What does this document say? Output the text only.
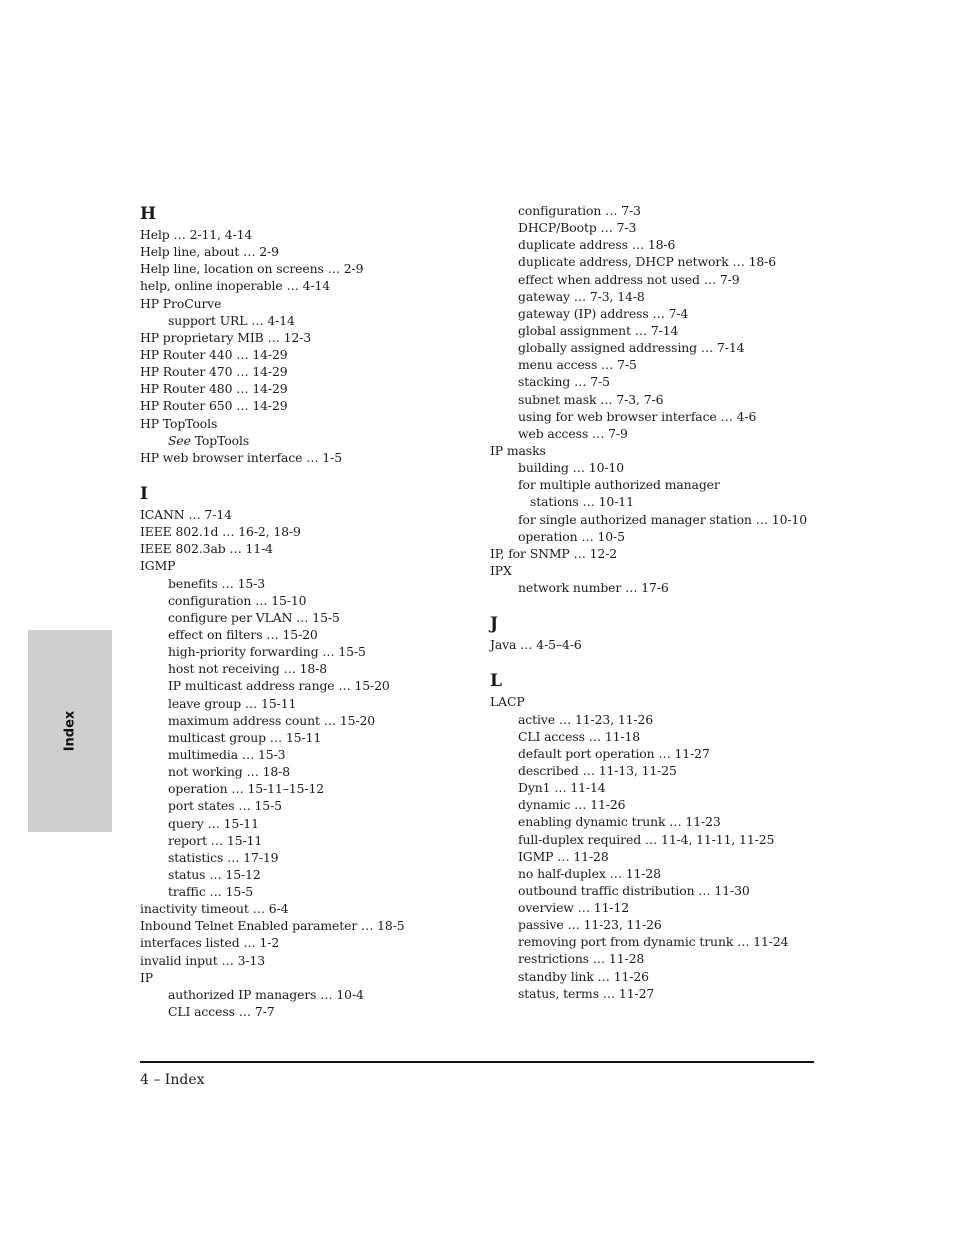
H
Help … 2-11, 4-14
Help line, about … 2-9
Help line, location on screens … 2-9
help, online inoperable … 4-14
HP ProCurve
support URL … 4-14
HP proprietary MIB … 12-3
HP Router 440 … 14-29
HP Router 470 … 14-29
HP Router 480 … 14-29
HP Router 650 … 14-29
HP TopTools
See TopTools
HP web browser interface … 1-5
I
ICANN … 7-14
IEEE 802.1d … 16-2, 18-9
IEEE 802.3ab … 11-4
IGMP
benefits … 15-3
configuration … 15-10
configure per VLAN … 15-5
effect on filters … 15-20
high-priority forwarding … 15-5
host not receiving … 18-8
IP multicast address range … 15-20
leave group … 15-11
maximum address count … 15-20
multicast group … 15-11
multimedia … 15-3
not working … 18-8
operation … 15-11–15-12
port states … 15-5
query … 15-11
report … 15-11
statistics … 17-19
status … 15-12
traffic … 15-5
inactivity timeout … 6-4
Inbound Telnet Enabled parameter … 18-5
interfaces listed … 1-2
invalid input … 3-13
IP
authorized IP managers … 10-4
CLI access … 7-7
configuration … 7-3
DHCP/Bootp … 7-3
duplicate address … 18-6
duplicate address, DHCP network … 18-6
effect when address not used … 7-9
gateway … 7-3, 14-8
gateway (IP) address … 7-4
global assignment … 7-14
globally assigned addressing … 7-14
menu access … 7-5
stacking … 7-5
subnet mask … 7-3, 7-6
using for web browser interface … 4-6
web access … 7-9
IP masks
building … 10-10
for multiple authorized manager
stations … 10-11
for single authorized manager station … 10-10
operation … 10-5
IP, for SNMP … 12-2
IPX
network number … 17-6
J
Java … 4-5–4-6
L
LACP
active … 11-23, 11-26
CLI access … 11-18
default port operation … 11-27
described … 11-13, 11-25
Dyn1 … 11-14
dynamic … 11-26
enabling dynamic trunk … 11-23
full-duplex required … 11-4, 11-11, 11-25
IGMP … 11-28
no half-duplex … 11-28
outbound traffic distribution … 11-30
overview … 11-12
passive … 11-23, 11-26
removing port from dynamic trunk … 11-24
restrictions … 11-28
standby link … 11-26
status, terms … 11-27
Index
4 – Index
